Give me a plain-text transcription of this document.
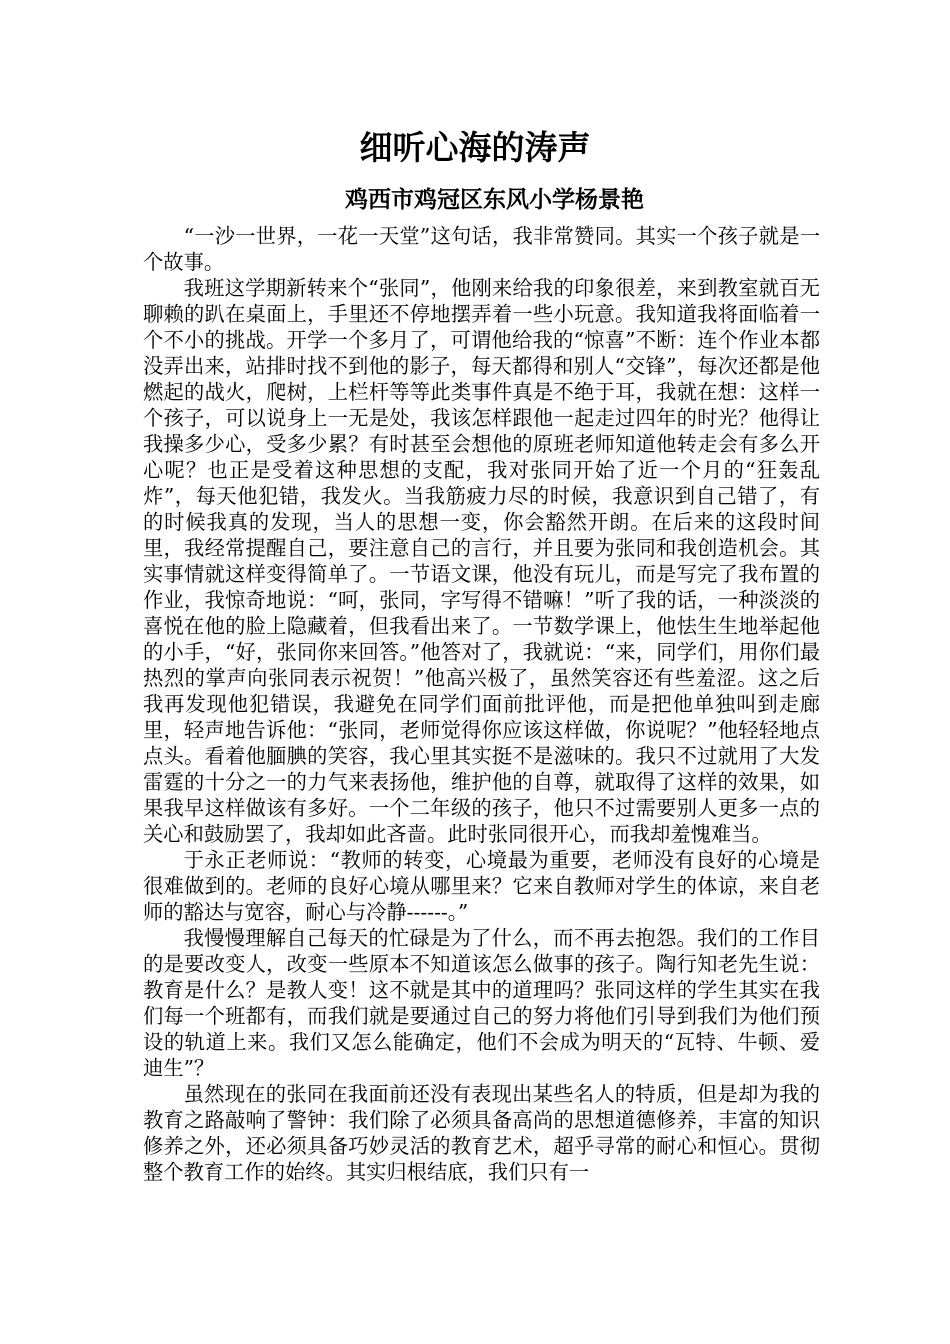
细听心海的涛声
鸡西市鸡冠区东风小学杨景艳

“一沙一世界，一花一天堂”这句话，我非常赞同。其实一个孩子就是一个故事。

我班这学期新转来个“张同”，他刚来给我的印象很差，来到教室就百无聊赖的趴在桌面上，手里还不停地摆弄着一些小玩意。我知道我将面临着一个不小的挑战。开学一个多月了，可谓他给我的“惊喜”不断：连个作业本都没弄出来，站排时找不到他的影子，每天都得和别人“交锋”，每次还都是他燃起的战火，爬树，上栏杆等等此类事件真是不绝于耳，我就在想：这样一个孩子，可以说身上一无是处，我该怎样跟他一起走过四年的时光？他得让我操多少心，受多少累？有时甚至会想他的原班老师知道他转走会有多么开心呢？也正是受着这种思想的支配，我对张同开始了近一个月的“狂轰乱炸”，每天他犯错，我发火。当我筋疲力尽的时候，我意识到自己错了，有的时候我真的发现，当人的思想一变，你会豁然开朗。在后来的这段时间里，我经常提醒自己，要注意自己的言行，并且要为张同和我创造机会。其实事情就这样变得简单了。一节语文课，他没有玩儿，而是写完了我布置的作业，我惊奇地说：“呵，张同，字写得不错嘛！”听了我的话，一种淡淡的喜悦在他的脸上隐藏着，但我看出来了。一节数学课上，他怯生生地举起他的小手，“好，张同你来回答。”他答对了，我就说：“来，同学们，用你们最热烈的掌声向张同表示祝贺！”他高兴极了，虽然笑容还有些羞涩。这之后我再发现他犯错误，我避免在同学们面前批评他，而是把他单独叫到走廊里，轻声地告诉他：“张同，老师觉得你应该这样做，你说呢？”他轻轻地点点头。看着他腼腆的笑容，我心里其实挺不是滋味的。我只不过就用了大发雷霆的十分之一的力气来表扬他，维护他的自尊，就取得了这样的效果，如果我早这样做该有多好。一个二年级的孩子，他只不过需要别人更多一点的关心和鼓励罢了，我却如此吝啬。此时张同很开心，而我却羞愧难当。

于永正老师说：“教师的转变，心境最为重要，老师没有良好的心境是很难做到的。老师的良好心境从哪里来？它来自教师对学生的体谅，来自老师的豁达与宽容，耐心与冷静------。”

我慢慢理解自己每天的忙碌是为了什么，而不再去抱怨。我们的工作目的是要改变人，改变一些原本不知道该怎么做事的孩子。陶行知老先生说：教育是什么？是教人变！这不就是其中的道理吗？张同这样的学生其实在我们每一个班都有，而我们就是要通过自己的努力将他们引导到我们为他们预设的轨道上来。我们又怎么能确定，他们不会成为明天的“瓦特、牛顿、爱迪生”？

虽然现在的张同在我面前还没有表现出某些名人的特质，但是却为我的教育之路敲响了警钟：我们除了必须具备高尚的思想道德修养，丰富的知识修养之外，还必须具备巧妙灵活的教育艺术，超乎寻常的耐心和恒心。贯彻整个教育工作的始终。其实归根结底，我们只有一
